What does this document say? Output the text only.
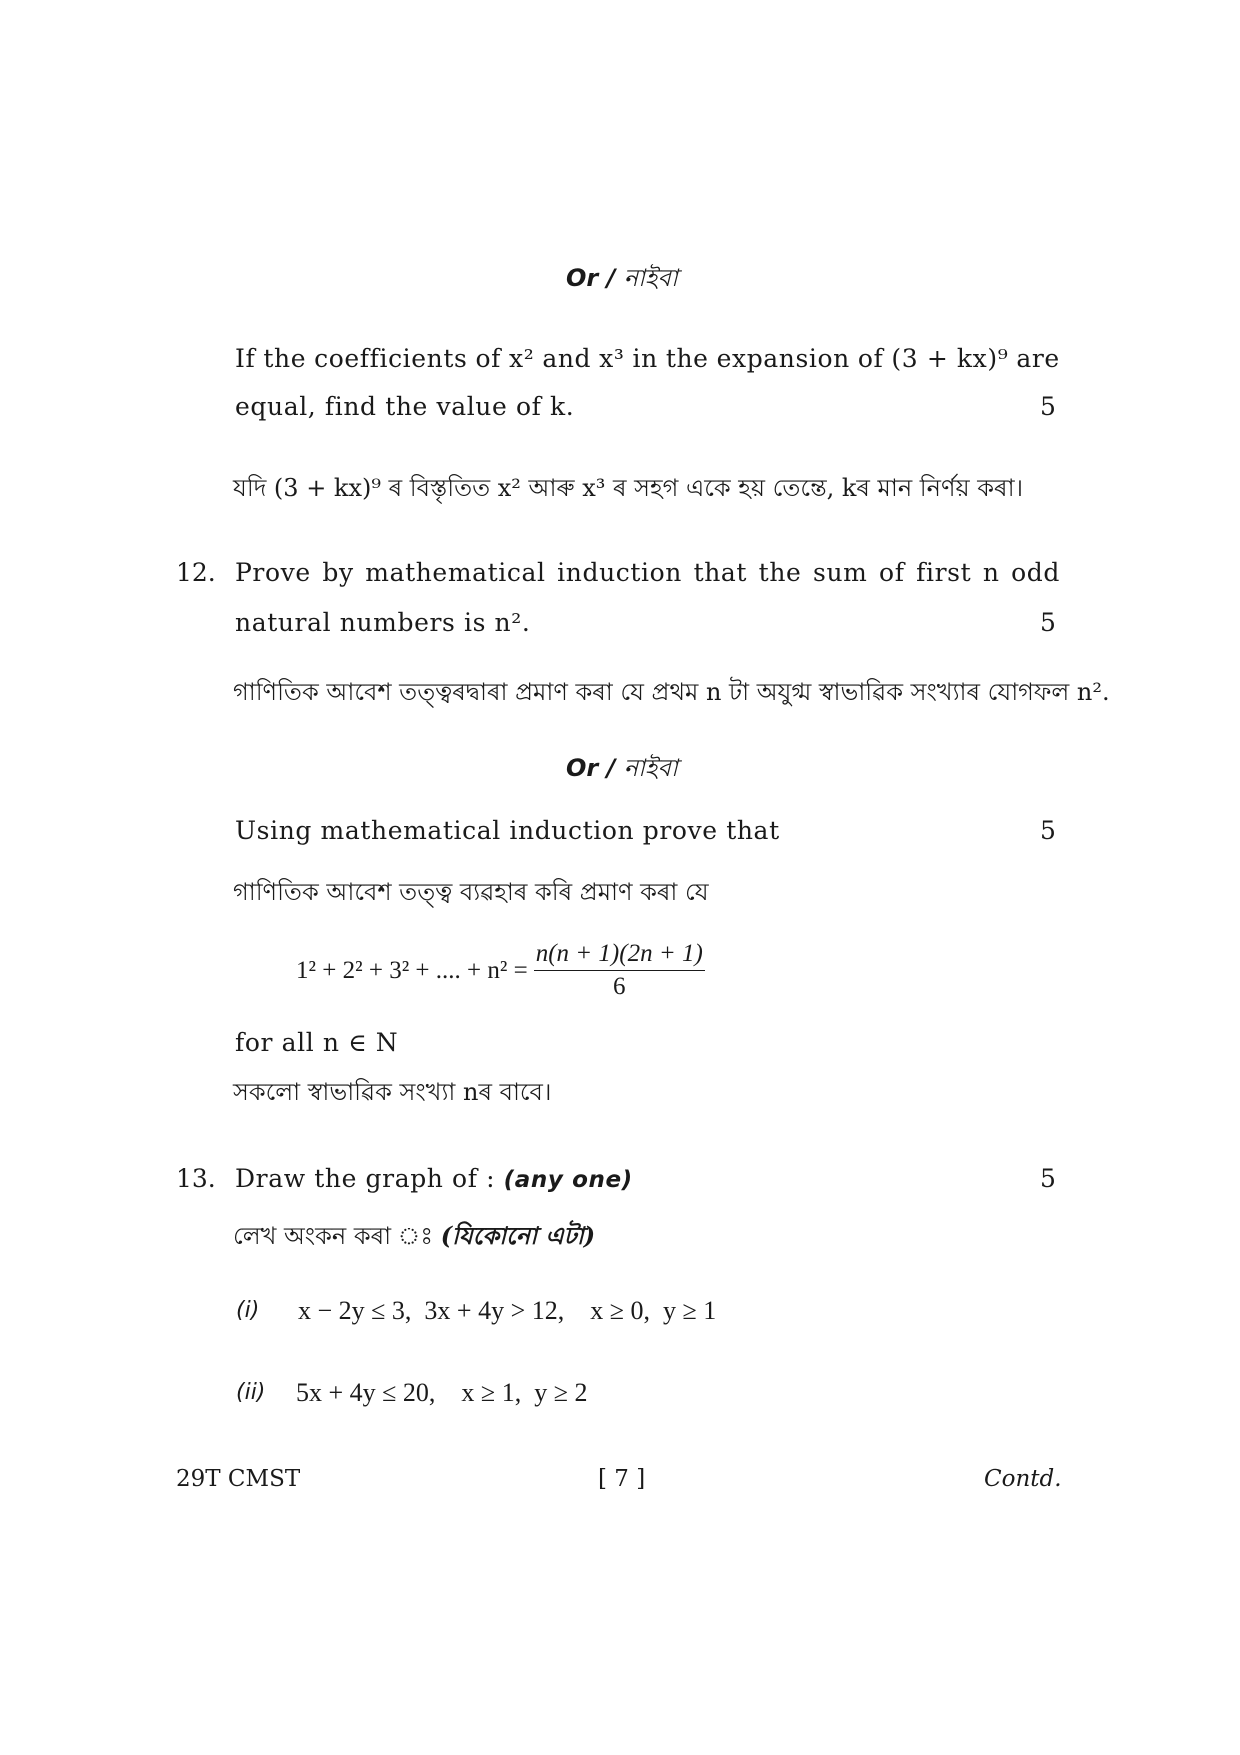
Or / নাইবা
If the coefficients of x² and x³ in the expansion of (3 + kx)⁹ are
equal, find the value of k.	5
যদি (3 + kx)⁹ ৰ বিস্তৃতিত x² আৰু x³ ৰ সহগ একে হয় তেন্তে, kৰ মান নিৰ্ণয় কৰা।
12. Prove by mathematical induction that the sum of first n odd
natural numbers is n².	5
গাণিতিক আবেশ তত্ত্বৰদ্বাৰা প্ৰমাণ কৰা যে প্ৰথম n টা অযুগ্ম স্বাভাৱিক সংখ্যাৰ যোগফল n².
Or / নাইবা
Using mathematical induction prove that	5
গাণিতিক আবেশ তত্ত্ব ব্যৱহাৰ কৰি প্ৰমাণ কৰা যে
1² + 2² + 3² + .... + $n^2 = \frac{n(n + 1)(2n + 1)}{6}$
for all n ∈ N
সকলো স্বাভাৱিক সংখ্যা nৰ বাবে।
13. Draw the graph of : (any one)	5
লেখ অংকন কৰা ঃ (যিকোনো এটা)
(i) x − 2y ≤ 3,  3x + 4y > 12,    x ≥ 0,  y ≥ 1
(ii) 5x + 4y ≤ 20,    x ≥ 1,  y ≥ 2
29T CMST	[ 7 ]	Contd.
